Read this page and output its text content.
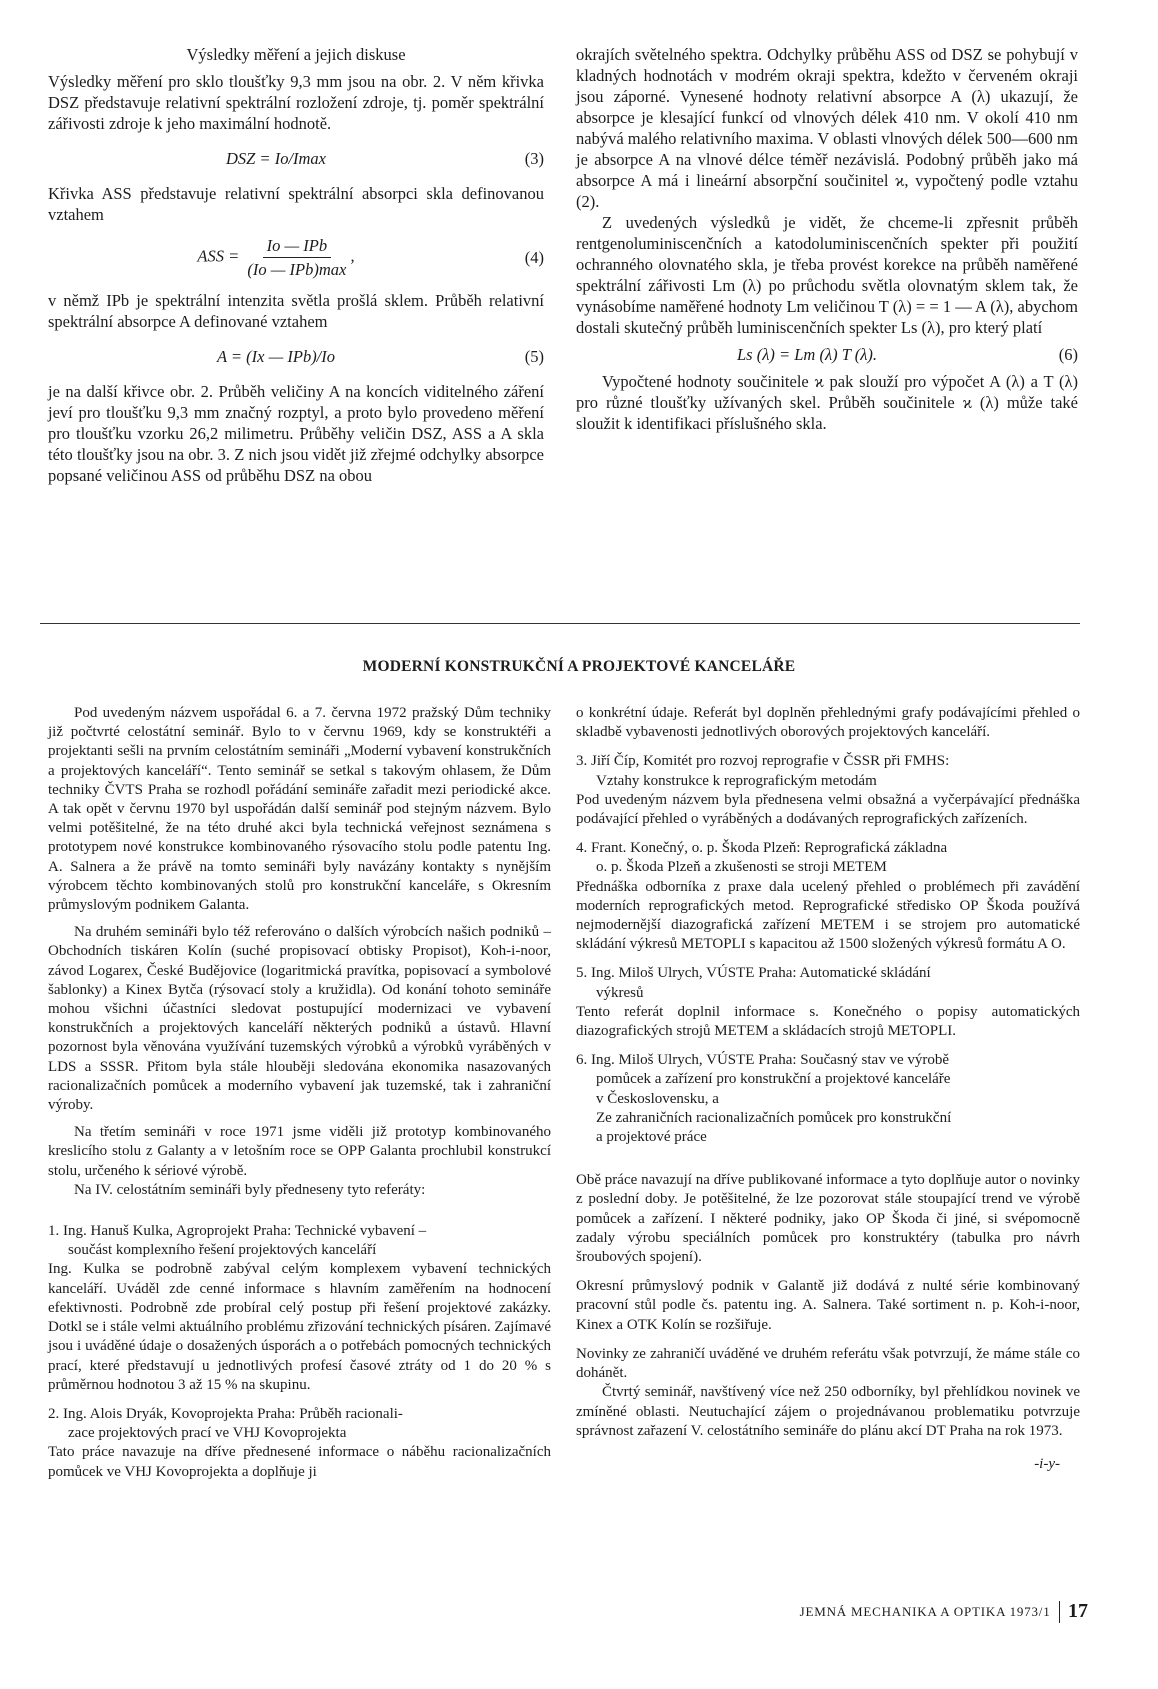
Výsledky měření a jejich diskuse

Výsledky měření pro sklo tloušťky 9,3 mm jsou na obr. 2. V něm křivka DSZ představuje relativní spektrální rozložení zdroje, tj. poměr spektrální zářivosti zdroje k jeho maximální hodnotě.

DSZ = Io/Imax	(3)

Křivka ASS představuje relativní spektrální absorpci skla definovanou vztahem

ASS = $\frac{\text{Io — IPb}}{\text{(Io — IPb)max}}$ ,	(4)

v němž IPb je spektrální intenzita světla prošlá sklem. Průběh relativní spektrální absorpce A definované vztahem

A = (Ix — IPb)/Io	(5)

je na další křivce obr. 2. Průběh veličiny A na koncích viditelného záření jeví pro tloušťku 9,3 mm značný rozptyl, a proto bylo provedeno měření pro tloušťku vzorku 26,2 milimetru. Průběhy veličin DSZ, ASS a A skla této tloušťky jsou na obr. 3. Z nich jsou vidět již zřejmé odchylky absorpce popsané veličinou ASS od průběhu DSZ na obou

okrajích světelného spektra. Odchylky průběhu ASS od DSZ se pohybují v kladných hodnotách v modrém okraji spektra, kdežto v červeném okraji jsou záporné. Vynesené hodnoty relativní absorpce A (λ) ukazují, že absorpce je klesající funkcí od vlnových délek 410 nm. V okolí 410 nm nabývá malého relativního maxima. V oblasti vlnových délek 500—600 nm je absorpce A na vlnové délce téměř nezávislá. Podobný průběh jako má absorpce A má i lineární absorpční součinitel ϰ, vypočtený podle vztahu (2).

Z uvedených výsledků je vidět, že chceme-li zpřesnit průběh rentgenoluminiscenčních a katodoluminiscenčních spekter při použití ochranného olovnatého skla, je třeba provést korekce na průběh naměřené spektrální zářivosti Lm (λ) po průchodu světla olovnatým sklem tak, že vynásobíme naměřené hodnoty Lm veličinou T (λ) = = 1 — A (λ), abychom dostali skutečný průběh luminiscenčních spekter Ls (λ), pro který platí

Ls (λ) = Lm (λ) T (λ).	(6)

Vypočtené hodnoty součinitele ϰ pak slouží pro výpočet A (λ) a T (λ) pro různé tloušťky užívaných skel. Průběh součinitele ϰ (λ) může také sloužit k identifikaci příslušného skla.

MODERNÍ KONSTRUKČNÍ A PROJEKTOVÉ KANCELÁŘE

Pod uvedeným názvem uspořádal 6. a 7. června 1972 pražský Dům techniky již počtvrté celostátní seminář. Bylo to v červnu 1969, kdy se konstruktéři a projektanti sešli na prvním celostátním semináři „Moderní vybavení konstrukčních a projektových kanceláří“. Tento seminář se setkal s takovým ohlasem, že Dům techniky ČVTS Praha se rozhodl pořádání semináře zařadit mezi periodické akce. A tak opět v červnu 1970 byl uspořádán další seminář pod stejným názvem. Bylo velmi potěšitelné, že na této druhé akci byla technická veřejnost seznámena s prototypem nové konstrukce kombinovaného rýsovacího stolu podle patentu Ing. A. Salnera a že právě na tomto semináři byly navázány kontakty s nynějším výrobcem těchto kombinovaných stolů pro konstrukční kanceláře, s Okresním průmyslovým podnikem Galanta.

Na druhém semináři bylo též referováno o dalších výrobcích našich podniků – Obchodních tiskáren Kolín (suché propisovací obtisky Propisot), Koh-i-noor, závod Logarex, České Budějovice (logaritmická pravítka, popisovací a symbolové šablonky) a Kinex Bytča (rýsovací stoly a kružidla). Od konání tohoto semináře mohou všichni účastníci sledovat postupující modernizaci ve vybavení konstrukčních a projektových kanceláří některých podniků a ústavů. Hlavní pozornost byla věnována využívání tuzemských výrobků a výrobků vyráběných v LDS a SSSR. Přitom byla stále hlouběji sledována ekonomika nasazovaných racionalizačních pomůcek a moderního vybavení jak tuzemské, tak i zahraniční výroby.

Na třetím semináři v roce 1971 jsme viděli již prototyp kombinovaného kreslicího stolu z Galanty a v letošním roce se OPP Galanta prochlubil konstrukcí stolu, určeného k sériové výrobě.

Na IV. celostátním semináři byly předneseny tyto referáty:

1. Ing. Hanuš Kulka, Agroprojekt Praha: Technické vybavení –
součást komplexního řešení projektových kanceláří

Ing. Kulka se podrobně zabýval celým komplexem vybavení technických kanceláří. Uváděl zde cenné informace s hlavním zaměřením na hodnocení efektivnosti. Podrobně zde probíral celý postup při řešení projektové zakázky. Dotkl se i stále velmi aktuálního problému zřizování technických písáren. Zajímavé jsou i uváděné údaje o dosažených úsporách a o potřebách pomocných technických prací, které představují u jednotlivých profesí časové ztráty od 1 do 20 % s průměrnou hodnotou 3 až 15 % na skupinu.

2. Ing. Alois Dryák, Kovoprojekta Praha: Průběh racionali-
zace projektových prací ve VHJ Kovoprojekta

Tato práce navazuje na dříve přednesené informace o náběhu racionalizačních pomůcek ve VHJ Kovoprojekta a doplňuje ji

o konkrétní údaje. Referát byl doplněn přehlednými grafy podávajícími přehled o skladbě vybavenosti jednotlivých oborových projektových kanceláří.

3. Jiří Číp, Komitét pro rozvoj reprografie v ČSSR při FMHS:
Vztahy konstrukce k reprografickým metodám

Pod uvedeným názvem byla přednesena velmi obsažná a vyčerpávající přednáška podávající přehled o vyráběných a dodávaných reprografických zařízeních.

4. Frant. Konečný, o. p. Škoda Plzeň: Reprografická základna
o. p. Škoda Plzeň a zkušenosti se stroji METEM

Přednáška odborníka z praxe dala ucelený přehled o problémech při zavádění moderních reprografických metod. Reprografické středisko OP Škoda používá nejmodernější diazografická zařízení METEM i se strojem pro automatické skládání výkresů METOPLI s kapacitou až 1500 složených výkresů formátu A O.

5. Ing. Miloš Ulrych, VÚSTE Praha: Automatické skládání
výkresů

Tento referát doplnil informace s. Konečného o popisy automatických diazografických strojů METEM a skládacích strojů METOPLI.

6. Ing. Miloš Ulrych, VÚSTE Praha: Současný stav ve výrobě
pomůcek a zařízení pro konstrukční a projektové kanceláře
v Československu, a
Ze zahraničních racionalizačních pomůcek pro konstrukční
a projektové práce

Obě práce navazují na dříve publikované informace a tyto doplňuje autor o novinky z poslední doby. Je potěšitelné, že lze pozorovat stále stoupající trend ve výrobě pomůcek a zařízení. I některé podniky, jako OP Škoda či jiné, si svépomocně zadaly výrobu speciálních pomůcek pro konstruktéry (tabulka pro návrh šroubových spojení).

Okresní průmyslový podnik v Galantě již dodává z nulté série kombinovaný pracovní stůl podle čs. patentu ing. A. Salnera. Také sortiment n. p. Koh-i-noor, Kinex a OTK Kolín se rozšiřuje.

Novinky ze zahraničí uváděné ve druhém referátu však potvrzují, že máme stále co dohánět.

Čtvrtý seminář, navštívený více než 250 odborníky, byl přehlídkou novinek ve zmíněné oblasti. Neutuchající zájem o projednávanou problematiku potvrzuje správnost zařazení V. celostátního semináře do plánu akcí DT Praha na rok 1973.

-i-y-
JEMNÁ MECHANIKA A OPTIKA 1973/1 17
